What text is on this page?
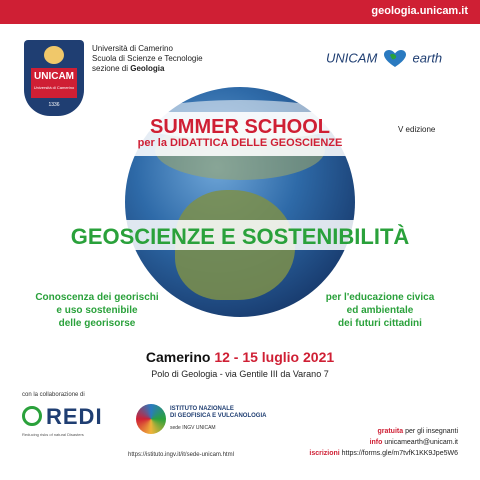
geologia.unicam.it
UNICAM
Università di Camerino
1336
Università di Camerino
Scuola di Scienze e Tecnologie
sezione di Geologia
UNICAM	earth
SUMMER SCHOOL
per la DIDATTICA DELLE GEOSCIENZE
V edizione
GEOSCIENZE E SOSTENIBILITÀ
Conoscenza dei georischi
e uso sostenibile
delle georisorse
per l'educazione civica
ed ambientale
dei futuri cittadini
Camerino 12 - 15 luglio 2021
Polo di Geologia - via Gentile III da Varano 7
con la collaborazione di
REDI
Reducing risks of natural Disasters
ISTITUTO NAZIONALE
DI GEOFISICA E VULCANOLOGIA
sede INGV UNICAM
https://istituto.ingv.it/it/sede-unicam.html
gratuita per gli insegnanti
info unicamearth@unicam.it
iscrizioni https://forms.gle/m7tvfK1KK9Jpe5W6
